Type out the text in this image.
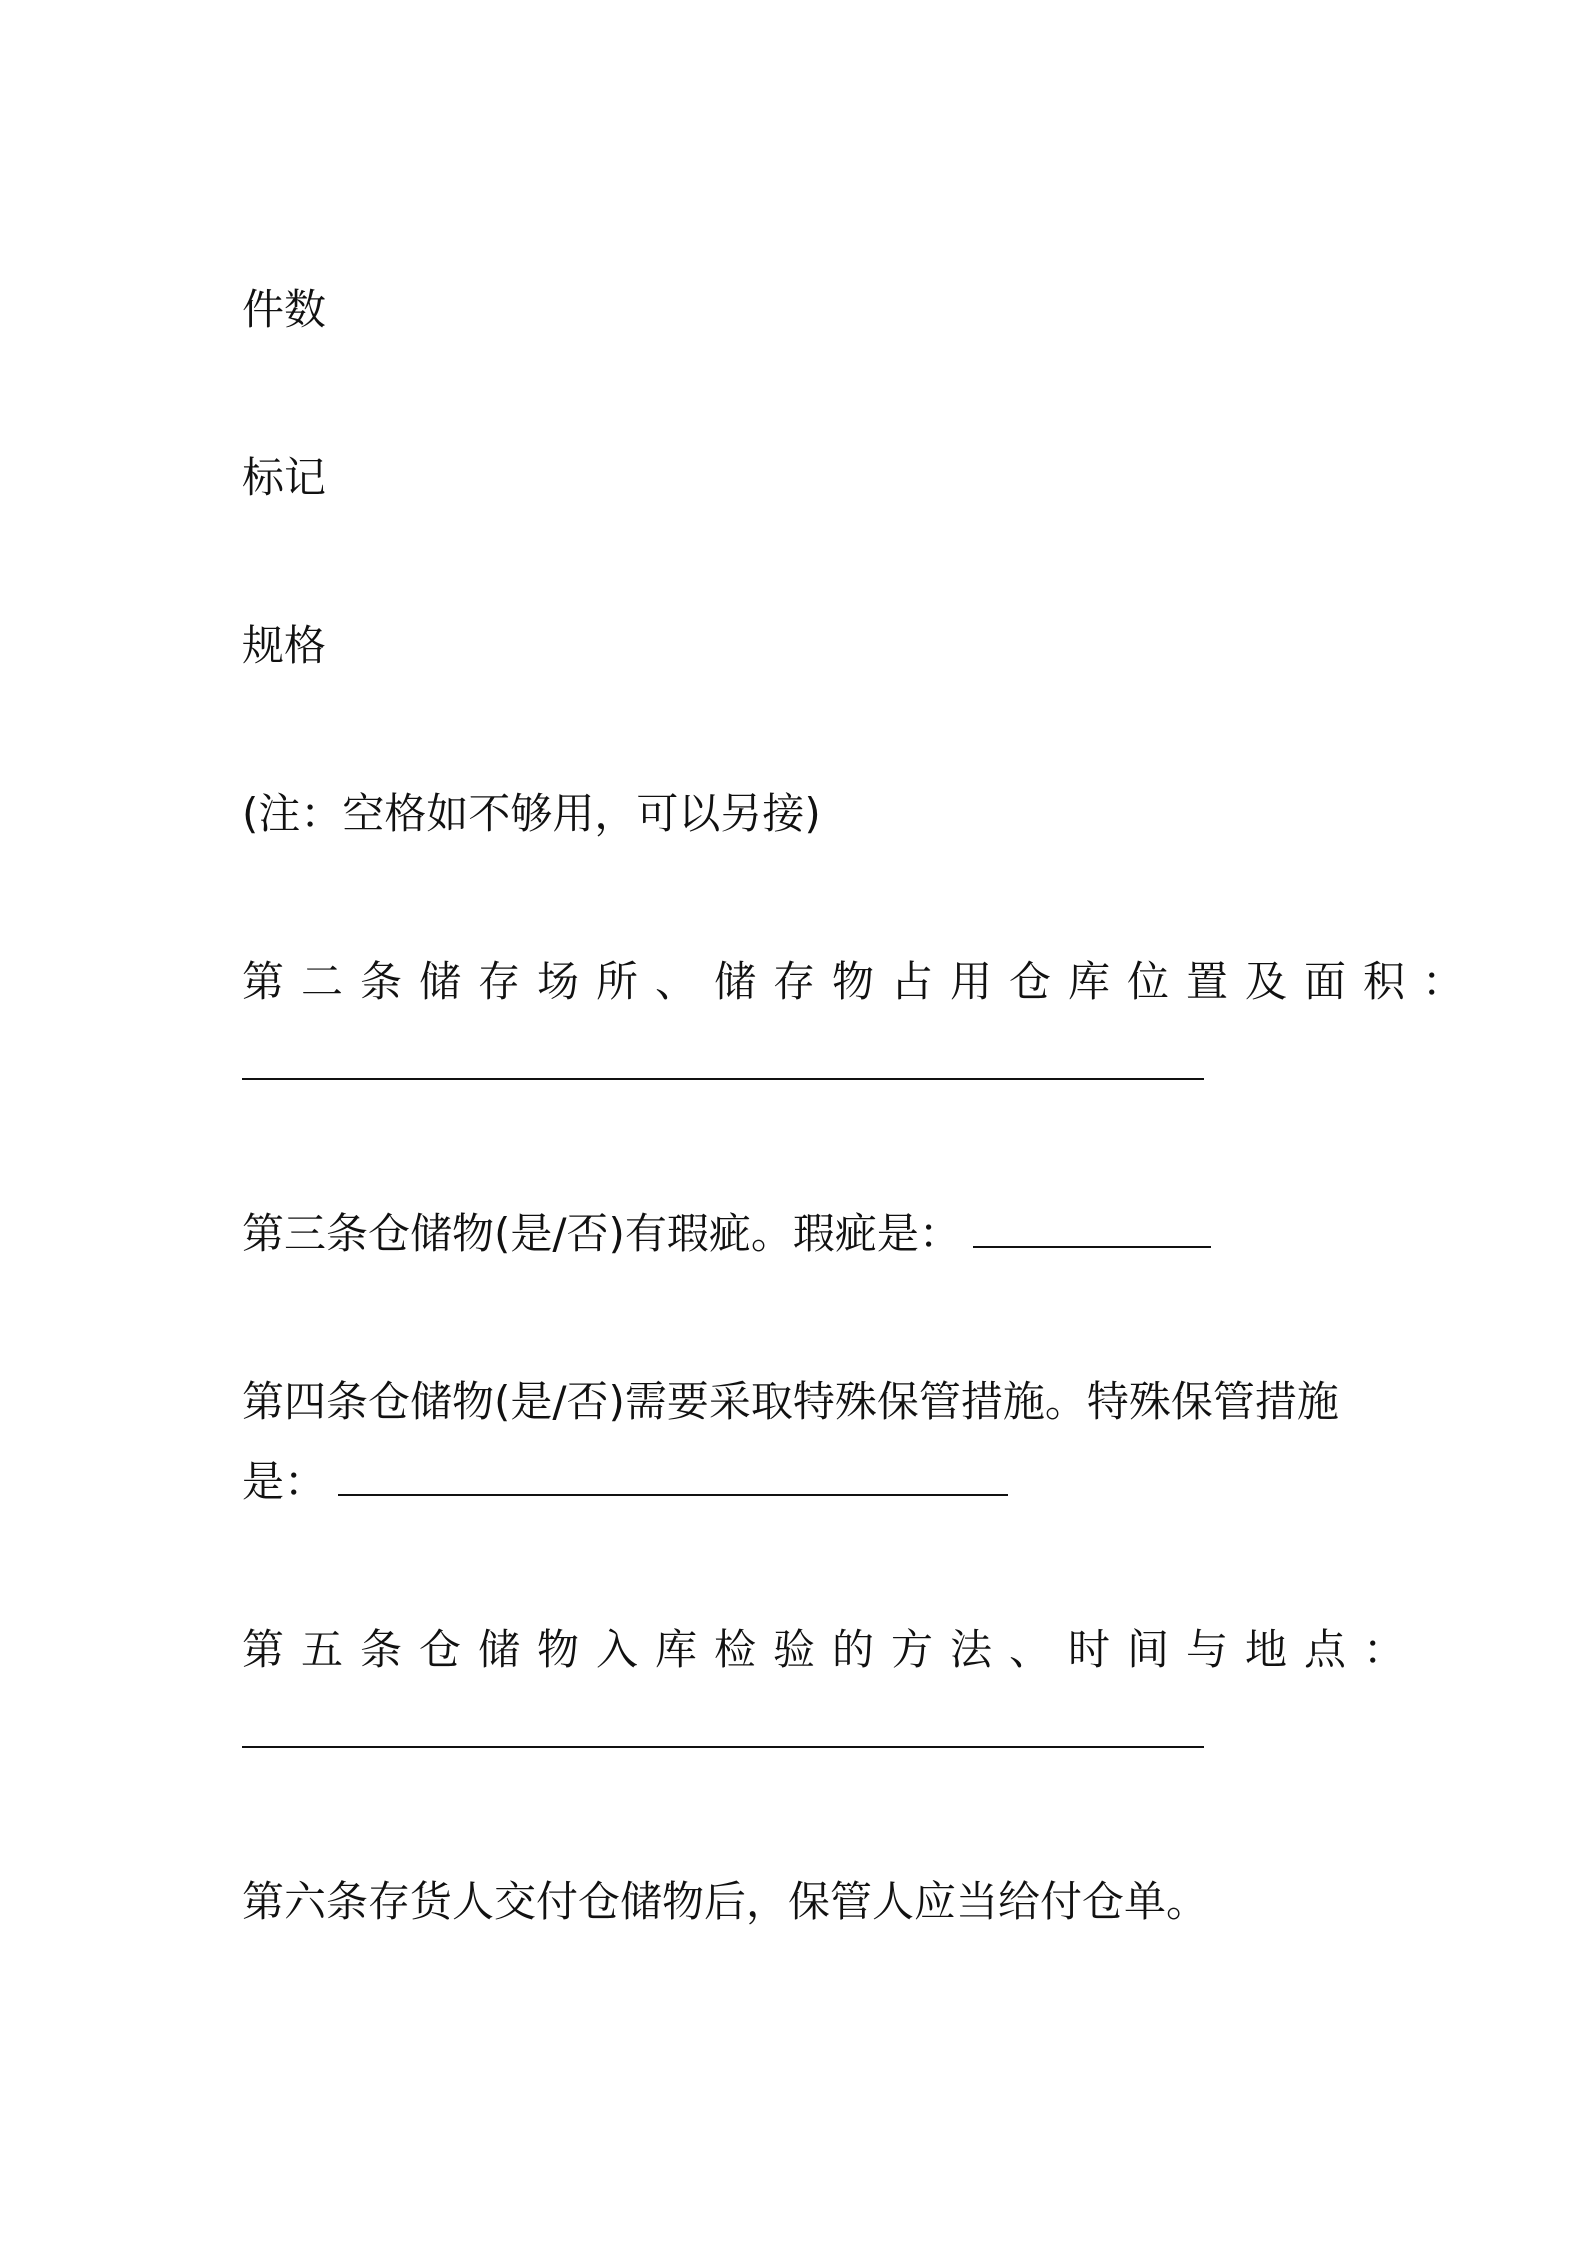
件数

标记

规格

(注：空格如不够用，可以另接)

第二条储存场所、储存物占用仓库位置及面积：

第三条仓储物(是/否)有瑕疵。瑕疵是：

第四条仓储物(是/否)需要采取特殊保管措施。特殊保管措施

是：

第五条仓储物入库检验的方法、时间与地点：

第六条存货人交付仓储物后，保管人应当给付仓单。
